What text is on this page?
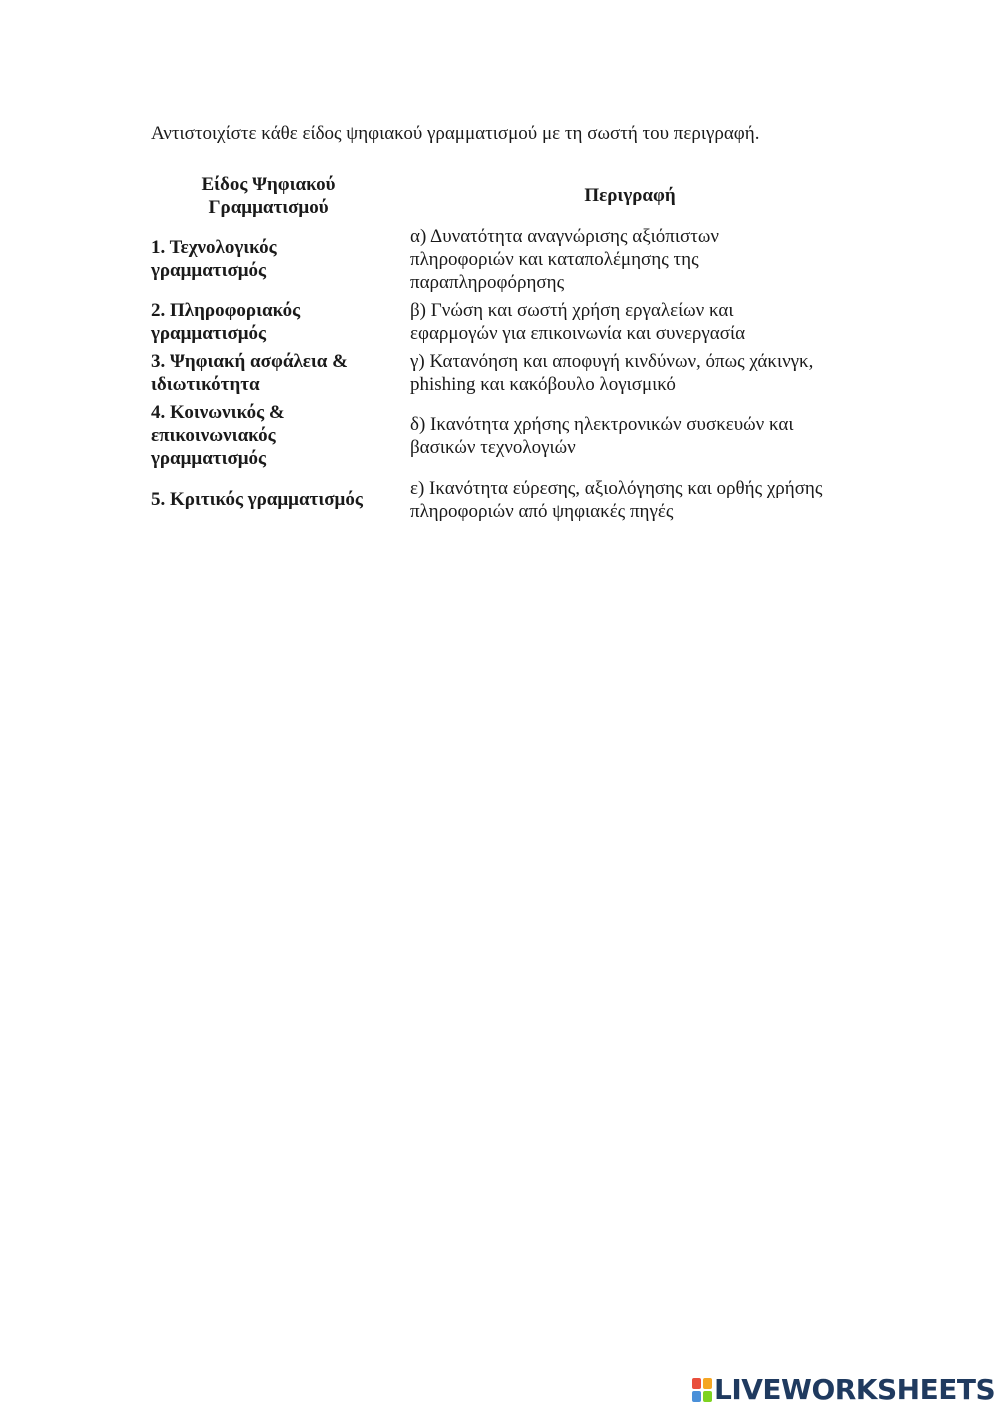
Αντιστοιχίστε κάθε είδος ψηφιακού γραμματισμού με τη σωστή του περιγραφή.
Είδος Ψηφιακού
Γραμματισμού
Περιγραφή
1. Τεχνολογικός
γραμματισμός
2. Πληροφοριακός
γραμματισμός
3. Ψηφιακή ασφάλεια &
ιδιωτικότητα
4. Κοινωνικός &
επικοινωνιακός
γραμματισμός
5. Κριτικός γραμματισμός
α) Δυνατότητα αναγνώρισης αξιόπιστων
πληροφοριών και καταπολέμησης της
παραπληροφόρησης
β) Γνώση και σωστή χρήση εργαλείων και
εφαρμογών για επικοινωνία και συνεργασία
γ) Κατανόηση και αποφυγή κινδύνων, όπως χάκινγκ,
phishing και κακόβουλο λογισμικό
δ) Ικανότητα χρήσης ηλεκτρονικών συσκευών και
βασικών τεχνολογιών
ε) Ικανότητα εύρεσης, αξιολόγησης και ορθής χρήσης
πληροφοριών από ψηφιακές πηγές
LIVEWORKSHEETS
